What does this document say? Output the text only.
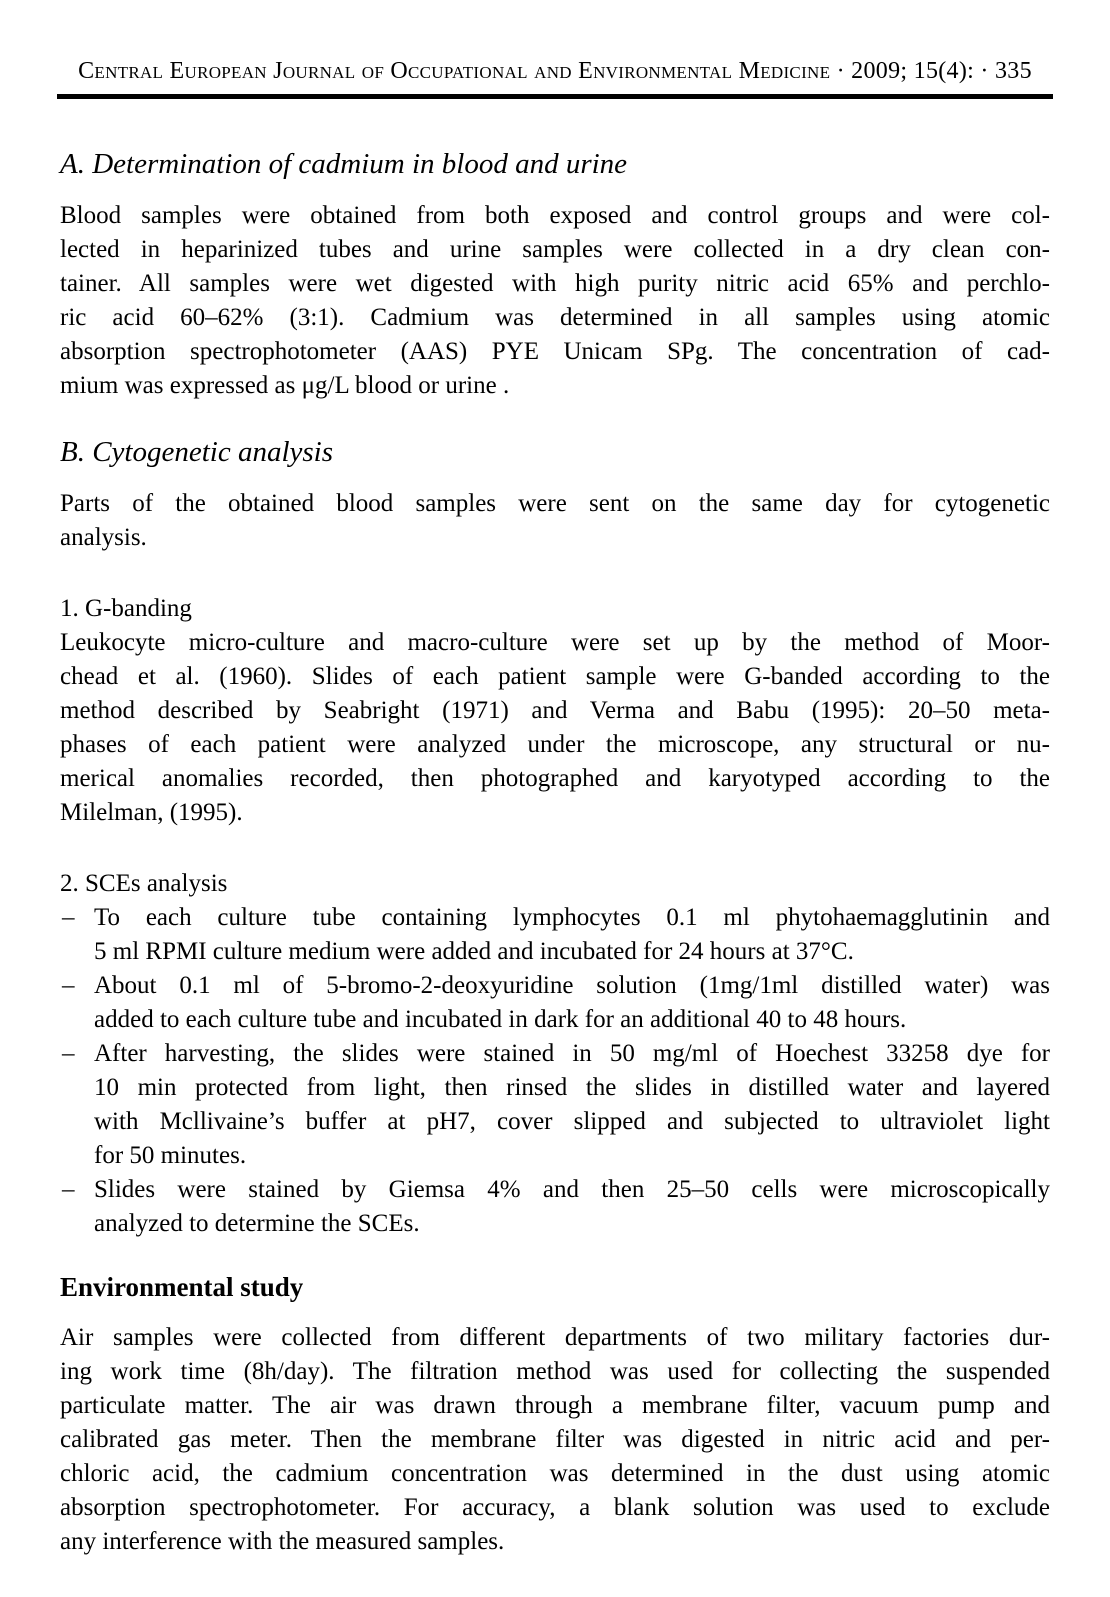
Central European Journal of Occupational and Environmental Medicine · 2009; 15(4): · 335
A. Determination of cadmium in blood and urine
Blood samples were obtained from both exposed and control groups and were col-
lected in heparinized tubes and urine samples were collected in a dry clean con-
tainer. All samples were wet digested with high purity nitric acid 65% and perchlo-
ric acid 60–62% (3:1). Cadmium was determined in all samples using atomic
absorption spectrophotometer (AAS) PYE Unicam SPg. The concentration of cad-
mium was expressed as μg/L blood or urine .
B. Cytogenetic analysis
Parts of the obtained blood samples were sent on the same day for cytogenetic
analysis.
1. G-banding
Leukocyte micro-culture and macro-culture were set up by the method of Moor-
chead et al. (1960). Slides of each patient sample were G-banded according to the
method described by Seabright (1971) and Verma and Babu (1995): 20–50 meta-
phases of each patient were analyzed under the microscope, any structural or nu-
merical anomalies recorded, then photographed and karyotyped according to the
Milelman, (1995).
2. SCEs analysis
– To each culture tube containing lymphocytes 0.1 ml phytohaemagglutinin and
5 ml RPMI culture medium were added and incubated for 24 hours at 37°C.
– About 0.1 ml of 5-bromo-2-deoxyuridine solution (1mg/1ml distilled water) was
added to each culture tube and incubated in dark for an additional 40 to 48 hours.
– After harvesting, the slides were stained in 50 mg/ml of Hoechest 33258 dye for
10 min protected from light, then rinsed the slides in distilled water and layered
with Mcllivaine’s buffer at pH7, cover slipped and subjected to ultraviolet light
for 50 minutes.
– Slides were stained by Giemsa 4% and then 25–50 cells were microscopically
analyzed to determine the SCEs.
Environmental study
Air samples were collected from different departments of two military factories dur-
ing work time (8h/day). The filtration method was used for collecting the suspended
particulate matter. The air was drawn through a membrane filter, vacuum pump and
calibrated gas meter. Then the membrane filter was digested in nitric acid and per-
chloric acid, the cadmium concentration was determined in the dust using atomic
absorption spectrophotometer. For accuracy, a blank solution was used to exclude
any interference with the measured samples.
